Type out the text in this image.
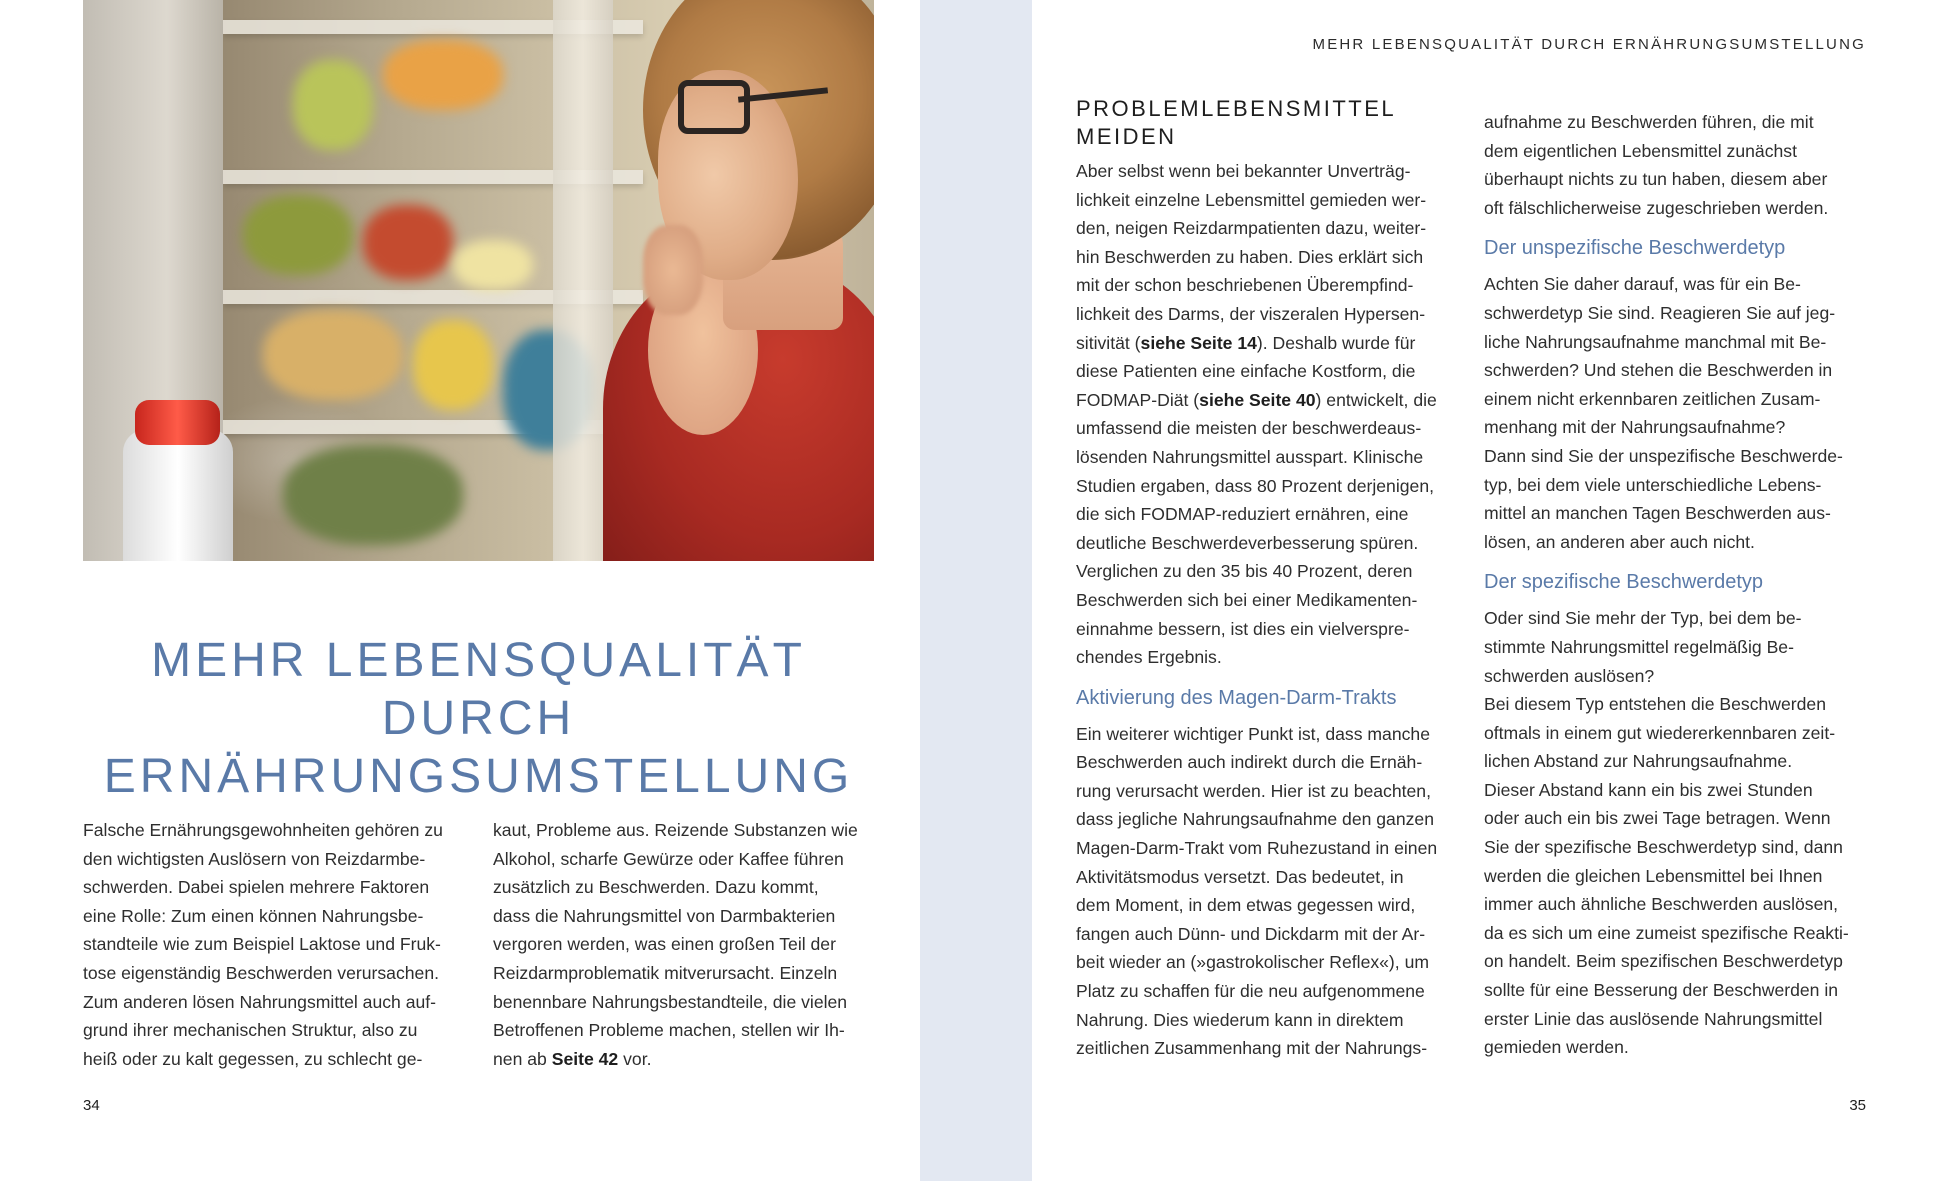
MEHR LEBENSQUALITÄT DURCH
ERNÄHRUNGSUMSTELLUNG

Falsche Ernährungsgewohnheiten gehören zu
den wichtigsten Auslösern von Reizdarmbe-
schwerden. Dabei spielen mehrere Faktoren
eine Rolle: Zum einen können Nahrungsbe-
standteile wie zum Beispiel Laktose und Fruk-
tose eigenständig Beschwerden verursachen.
Zum anderen lösen Nahrungsmittel auch auf-
grund ihrer mechanischen Struktur, also zu
heiß oder zu kalt gegessen, zu schlecht ge-

kaut, Probleme aus. Reizende Substanzen wie
Alkohol, scharfe Gewürze oder Kaffee führen
zusätzlich zu Beschwerden. Dazu kommt,
dass die Nahrungsmittel von Darmbakterien
vergoren werden, was einen großen Teil der
Reizdarmproblematik mitverursacht. Einzeln
benennbare Nahrungsbestandteile, die vielen
Betroffenen Probleme machen, stellen wir Ih-
nen ab Seite 42 vor.

34

MEHR LEBENSQUALITÄT DURCH ERNÄHRUNGSUMSTELLUNG

PROBLEMLEBENSMITTEL
MEIDEN

Aber selbst wenn bei bekannter Unverträg-
lichkeit einzelne Lebensmittel gemieden wer-
den, neigen Reizdarmpatienten dazu, weiter-
hin Beschwerden zu haben. Dies erklärt sich
mit der schon beschriebenen Überempfind-
lichkeit des Darms, der viszeralen Hypersen-
sitivität (siehe Seite 14). Deshalb wurde für
diese Patienten eine einfache Kostform, die
FODMAP-Diät (siehe Seite 40) entwickelt, die
umfassend die meisten der beschwerdeaus-
lösenden Nahrungsmittel ausspart. Klinische
Studien ergaben, dass 80 Prozent derjenigen,
die sich FODMAP-reduziert ernähren, eine
deutliche Beschwerdeverbesserung spüren.
Verglichen zu den 35 bis 40 Prozent, deren
Beschwerden sich bei einer Medikamenten-
einnahme bessern, ist dies ein vielverspre-
chendes Ergebnis.

Aktivierung des Magen-Darm-Trakts

Ein weiterer wichtiger Punkt ist, dass manche
Beschwerden auch indirekt durch die Ernäh-
rung verursacht werden. Hier ist zu beachten,
dass jegliche Nahrungsaufnahme den ganzen
Magen-Darm-Trakt vom Ruhezustand in einen
Aktivitätsmodus versetzt. Das bedeutet, in
dem Moment, in dem etwas gegessen wird,
fangen auch Dünn- und Dickdarm mit der Ar-
beit wieder an (»gastrokolischer Reflex«), um
Platz zu schaffen für die neu aufgenommene
Nahrung. Dies wiederum kann in direktem
zeitlichen Zusammenhang mit der Nahrungs-

aufnahme zu Beschwerden führen, die mit
dem eigentlichen Lebensmittel zunächst
überhaupt nichts zu tun haben, diesem aber
oft fälschlicherweise zugeschrieben werden.

Der unspezifische Beschwerdetyp

Achten Sie daher darauf, was für ein Be-
schwerdetyp Sie sind. Reagieren Sie auf jeg-
liche Nahrungsaufnahme manchmal mit Be-
schwerden? Und stehen die Beschwerden in
einem nicht erkennbaren zeitlichen Zusam-
menhang mit der Nahrungsaufnahme?
Dann sind Sie der unspezifische Beschwerde-
typ, bei dem viele unterschiedliche Lebens-
mittel an manchen Tagen Beschwerden aus-
lösen, an anderen aber auch nicht.

Der spezifische Beschwerdetyp

Oder sind Sie mehr der Typ, bei dem be-
stimmte Nahrungsmittel regelmäßig Be-
schwerden auslösen?
Bei diesem Typ entstehen die Beschwerden
oftmals in einem gut wiedererkennbaren zeit-
lichen Abstand zur Nahrungsaufnahme.
Dieser Abstand kann ein bis zwei Stunden
oder auch ein bis zwei Tage betragen. Wenn
Sie der spezifische Beschwerdetyp sind, dann
werden die gleichen Lebensmittel bei Ihnen
immer auch ähnliche Beschwerden auslösen,
da es sich um eine zumeist spezifische Reakti-
on handelt. Beim spezifischen Beschwerdetyp
sollte für eine Besserung der Beschwerden in
erster Linie das auslösende Nahrungsmittel
gemieden werden.

35
